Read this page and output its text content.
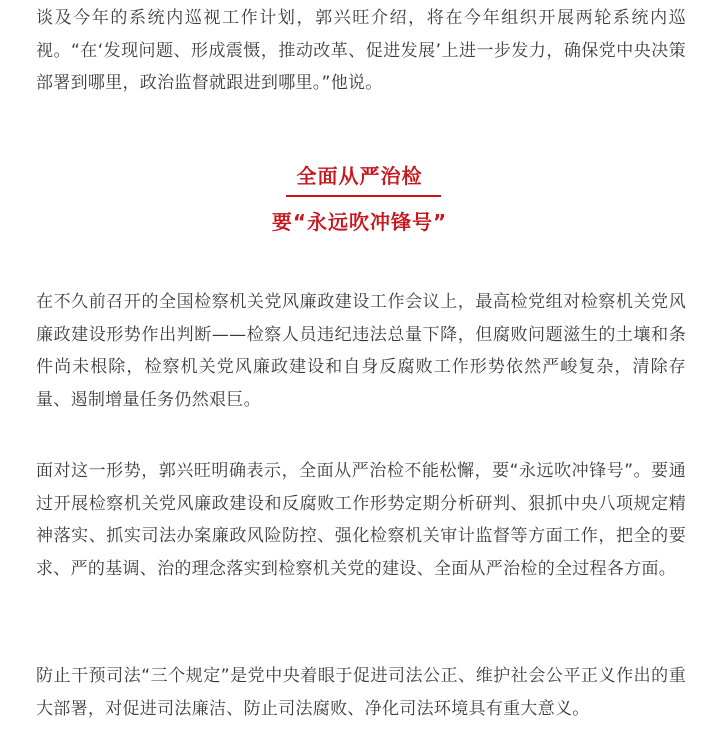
谈及今年的系统内巡视工作计划，郭兴旺介绍，将在今年组织开展两轮系统内巡视。“在‘发现问题、形成震慑，推动改革、促进发展’上进一步发力，确保党中央决策部署到哪里，政治监督就跟进到哪里。”他说。

全面从严治检
要“永远吹冲锋号”

在不久前召开的全国检察机关党风廉政建设工作会议上，最高检党组对检察机关党风廉政建设形势作出判断——检察人员违纪违法总量下降，但腐败问题滋生的土壤和条件尚未根除，检察机关党风廉政建设和自身反腐败工作形势依然严峻复杂，清除存量、遏制增量任务仍然艰巨。

面对这一形势，郭兴旺明确表示，全面从严治检不能松懈，要“永远吹冲锋号”。要通过开展检察机关党风廉政建设和反腐败工作形势定期分析研判、狠抓中央八项规定精神落实、抓实司法办案廉政风险防控、强化检察机关审计监督等方面工作，把全的要求、严的基调、治的理念落实到检察机关党的建设、全面从严治检的全过程各方面。

防止干预司法“三个规定”是党中央着眼于促进司法公正、维护社会公平正义作出的重大部署，对促进司法廉洁、防止司法腐败、净化司法环境具有重大意义。
